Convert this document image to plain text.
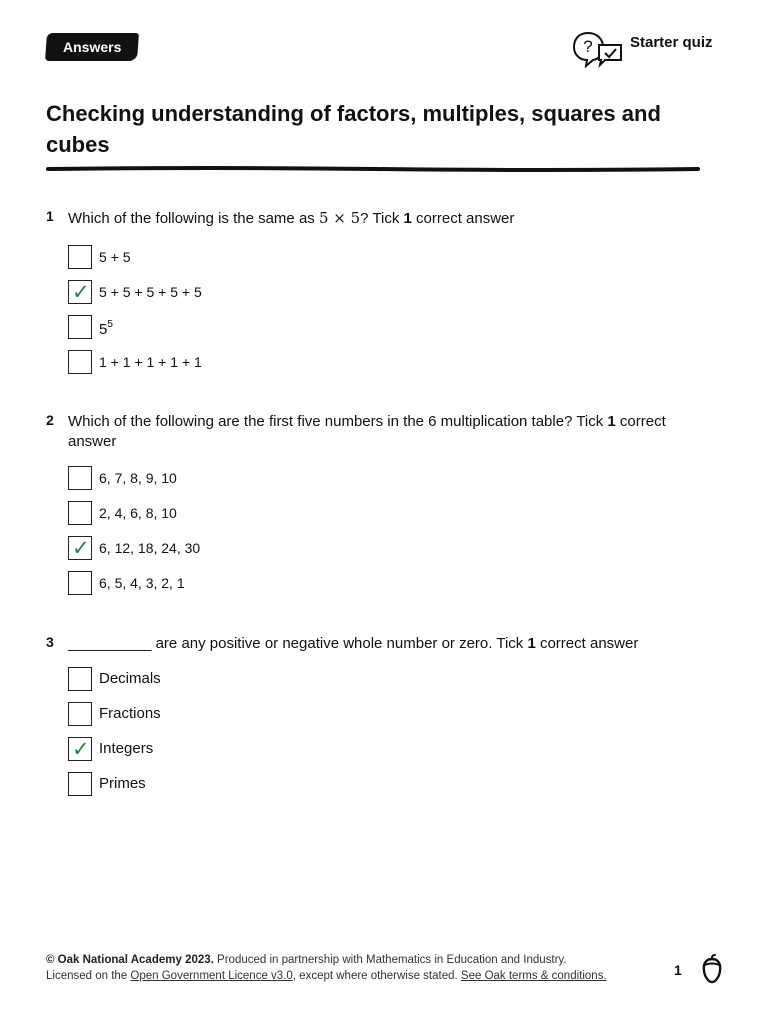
Answers	? Starter quiz
Checking understanding of factors, multiples, squares and cubes
1 Which of the following is the same as 5 × 5? Tick 1 correct answer
5 + 5
✓ 5 + 5 + 5 + 5 + 5
$5^5$
1 + 1 + 1 + 1 + 1
2 Which of the following are the first five numbers in the 6 multiplication table? Tick 1 correct answer
6, 7, 8, 9, 10
2, 4, 6, 8, 10
✓ 6, 12, 18, 24, 30
6, 5, 4, 3, 2, 1
3 __________ are any positive or negative whole number or zero. Tick 1 correct answer
Decimals
Fractions
✓ Integers
Primes
© Oak National Academy 2023. Produced in partnership with Mathematics in Education and Industry.
Licensed on the Open Government Licence v3.0, except where otherwise stated. See Oak terms & conditions.	1
